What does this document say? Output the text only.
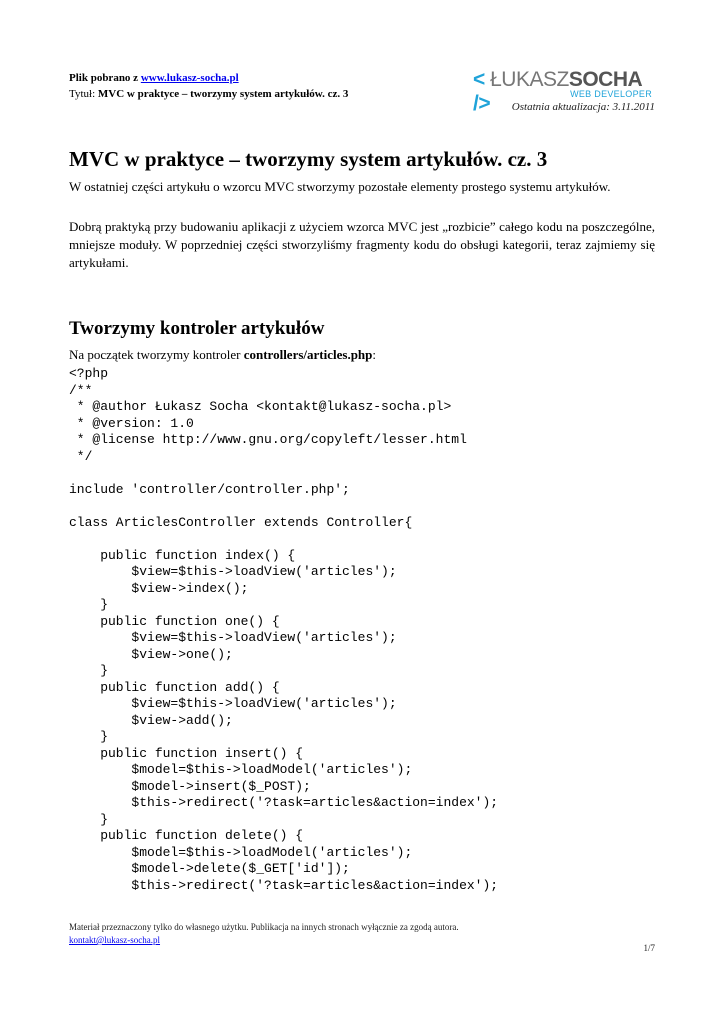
Plik pobrano z www.lukasz-socha.pl
Tytuł: MVC w praktyce – tworzymy system artykułów. cz. 3
< ŁUKASZSOCHA />	WEB DEVELOPER
Ostatnia aktualizacja: 3.11.2011
MVC w praktyce – tworzymy system artykułów. cz. 3

W ostatniej części artykułu o wzorcu MVC stworzymy pozostałe elementy prostego systemu artykułów.

Dobrą praktyką przy budowaniu aplikacji z użyciem wzorca MVC jest „rozbicie” całego kodu na poszczególne, mniejsze moduły. W poprzedniej części stworzyliśmy fragmenty kodu do obsługi kategorii, teraz zajmiemy się artykułami.

Tworzymy kontroler artykułów

Na początek tworzymy kontroler controllers/articles.php:

<?php
/**
* @author Łukasz Socha <kontakt@lukasz-socha.pl>
* @version: 1.0
* @license http://www.gnu.org/copyleft/lesser.html
*/

include 'controller/controller.php';

class ArticlesController extends Controller{

public function index() {
$view=$this->loadView('articles');
$view->index();
}
public function one() {
$view=$this->loadView('articles');
$view->one();
}
public function add() {
$view=$this->loadView('articles');
$view->add();
}
public function insert() {
$model=$this->loadModel('articles');
$model->insert($_POST);
$this->redirect('?task=articles&action=index');
}
public function delete() {
$model=$this->loadModel('articles');
$model->delete($_GET['id']);
$this->redirect('?task=articles&action=index');
Materiał przeznaczony tylko do własnego użytku. Publikacja na innych stronach wyłącznie za zgodą autora.
kontakt@lukasz-socha.pl
1/7
